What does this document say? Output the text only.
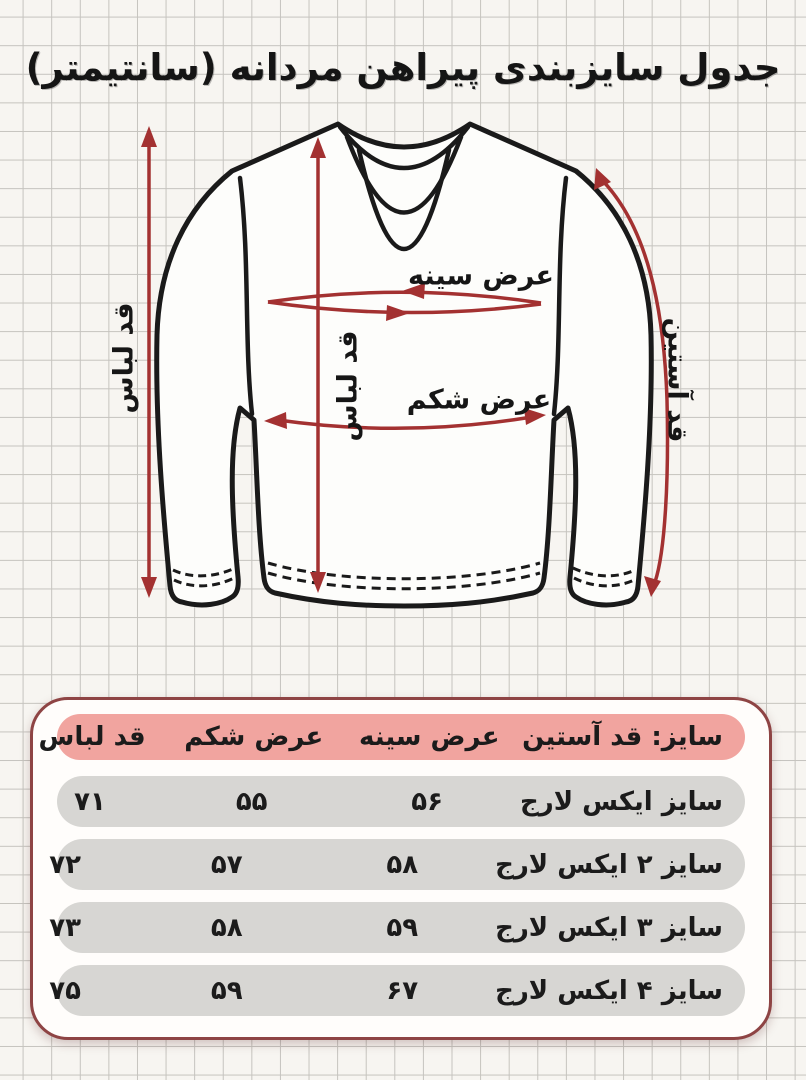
جدول سایزبندی پیراهن مردانه (سانتیمتر)
قد لباس	قد لباس
عرض سینه
عرض شکم	قد آستین
سایز: قد آستین
عرض سینه
عرض شکم
قد لباس
سایز ایکس لارج
۵۶
۵۵
۷۱
سایز ۲ ایکس لارج
۵۸
۵۷
۷۲
سایز ۳ ایکس لارج
۵۹
۵۸
۷۳
سایز ۴ ایکس لارج
۶۷
۵۹
۷۵
